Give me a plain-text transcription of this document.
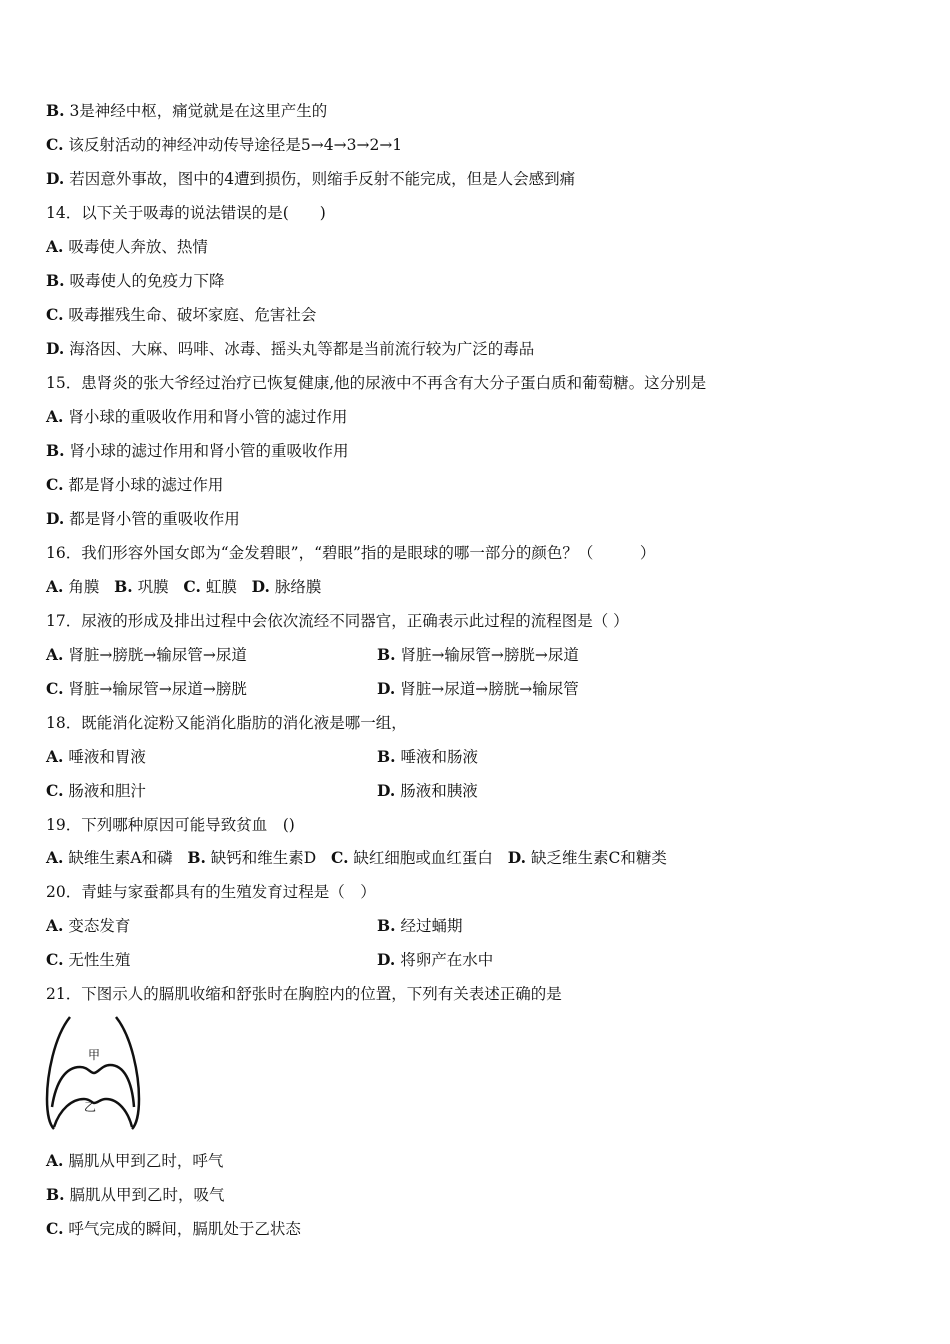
B. 3是神经中枢，痛觉就是在这里产生的

C. 该反射活动的神经冲动传导途径是5→4→3→2→1

D. 若因意外事故，图中的4遭到损伤，则缩手反射不能完成，但是人会感到痛

14．以下关于吸毒的说法错误的是(　　)

A. 吸毒使人奔放、热情

B. 吸毒使人的免疫力下降

C. 吸毒摧残生命、破坏家庭、危害社会

D. 海洛因、大麻、吗啡、冰毒、摇头丸等都是当前流行较为广泛的毒品

15．患肾炎的张大爷经过治疗已恢复健康,他的尿液中不再含有大分子蛋白质和葡萄糖。这分别是

A. 肾小球的重吸收作用和肾小管的滤过作用

B. 肾小球的滤过作用和肾小管的重吸收作用

C. 都是肾小球的滤过作用

D. 都是肾小管的重吸收作用

16．我们形容外国女郎为“金发碧眼”，“碧眼”指的是眼球的哪一部分的颜色？（　　　）

A. 角膜 B. 巩膜 C. 虹膜 D. 脉络膜

17．尿液的形成及排出过程中会依次流经不同器官，正确表示此过程的流程图是（ ）

A. 肾脏→膀胱→输尿管→尿道	B. 肾脏→输尿管→膀胱→尿道

C. 肾脏→输尿管→尿道→膀胱	D. 肾脏→尿道→膀胱→输尿管

18．既能消化淀粉又能消化脂肪的消化液是哪一组，

A. 唾液和胃液	B. 唾液和肠液

C. 肠液和胆汁	D. 肠液和胰液

19．下列哪种原因可能导致贫血　()

A. 缺维生素A和磷 B. 缺钙和维生素D C. 缺红细胞或血红蛋白 D. 缺乏维生素C和糖类

20．青蛙与家蚕都具有的生殖发育过程是（　）

A. 变态发育	B. 经过蛹期

C. 无性生殖	D. 将卵产在水中

21．下图示人的膈肌收缩和舒张时在胸腔内的位置，下列有关表述正确的是

甲
乙

A. 膈肌从甲到乙时，呼气

B. 膈肌从甲到乙时，吸气

C. 呼气完成的瞬间，膈肌处于乙状态
